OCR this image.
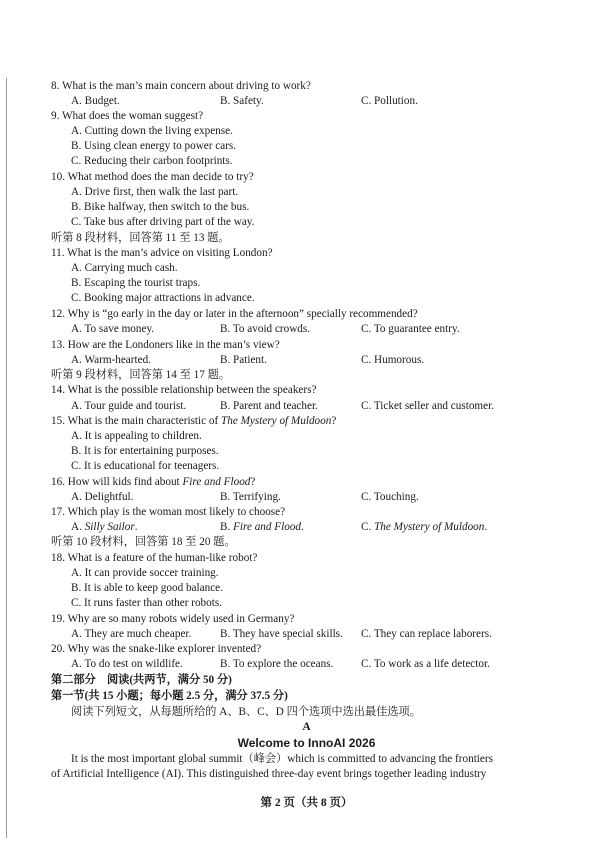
8. What is the man’s main concern about driving to work?
A. Budget.	B. Safety.	C. Pollution.
9. What does the woman suggest?
A. Cutting down the living expense.
B. Using clean energy to power cars.
C. Reducing their carbon footprints.
10. What method does the man decide to try?
A. Drive first, then walk the last part.
B. Bike halfway, then switch to the bus.
C. Take bus after driving part of the way.
听第 8 段材料，回答第 11 至 13 题。
11. What is the man’s advice on visiting London?
A. Carrying much cash.
B. Escaping the tourist traps.
C. Booking major attractions in advance.
12. Why is “go early in the day or later in the afternoon” specially recommended?
A. To save money.	B. To avoid crowds.	C. To guarantee entry.
13. How are the Londoners like in the man’s view?
A. Warm-hearted.	B. Patient.	C. Humorous.
听第 9 段材料，回答第 14 至 17 题。
14. What is the possible relationship between the speakers?
A. Tour guide and tourist.	B. Parent and teacher.	C. Ticket seller and customer.
15. What is the main characteristic of The Mystery of Muldoon?
A. It is appealing to children.
B. It is for entertaining purposes.
C. It is educational for teenagers.
16. How will kids find about Fire and Flood?
A. Delightful.	B. Terrifying.	C. Touching.
17. Which play is the woman most likely to choose?
A. Silly Sailor.	B. Fire and Flood.	C. The Mystery of Muldoon.
听第 10 段材料，回答第 18 至 20 题。
18. What is a feature of the human-like robot?
A. It can provide soccer training.
B. It is able to keep good balance.
C. It runs faster than other robots.
19. Why are so many robots widely used in Germany?
A. They are much cheaper.	B. They have special skills. C. They can replace laborers.
20. Why was the snake-like explorer invented?
A. To do test on wildlife.	B. To explore the oceans. C. To work as a life detector.
第二部分　阅读(共两节，满分 50 分)
第一节(共 15 小题；每小题 2.5 分，满分 37.5 分)
阅读下列短文，从每题所给的 A、B、C、D 四个选项中选出最佳选项。
A
Welcome to InnoAI 2026
It is the most important global summit（峰会）which is committed to advancing the frontiers
of Artificial Intelligence (AI). This distinguished three-day event brings together leading industry
第 2 页（共 8 页）
